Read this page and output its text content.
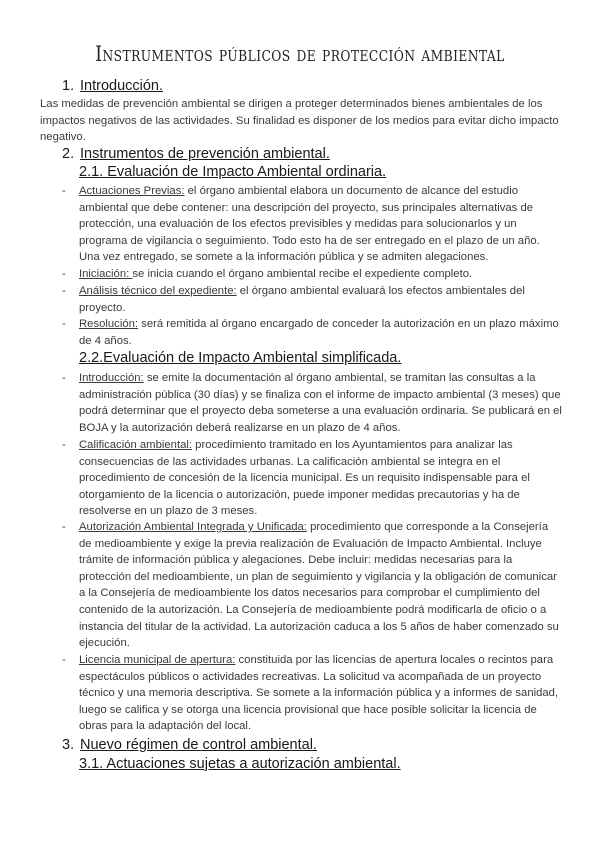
Instrumentos públicos de protección ambiental
1. Introducción.
Las medidas de prevención ambiental se dirigen a proteger determinados bienes ambientales de los impactos negativos de las actividades. Su finalidad es disponer de los medios para evitar dicho impacto negativo.
2. Instrumentos de prevención ambiental.
2.1. Evaluación de Impacto Ambiental ordinaria.
- Actuaciones Previas: el órgano ambiental elabora un documento de alcance del estudio ambiental que debe contener: una descripción del proyecto, sus principales alternativas de protección, una evaluación de los efectos previsibles y medidas para solucionarlos y un programa de vigilancia o seguimiento. Todo esto ha de ser entregado en el plazo de un año. Una vez entregado, se somete a la información pública y se admiten alegaciones.
- Iniciación: se inicia cuando el órgano ambiental recibe el expediente completo.
- Análisis técnico del expediente: el órgano ambiental evaluará los efectos ambientales del proyecto.
- Resolución: será remitida al órgano encargado de conceder la autorización en un plazo máximo de 4 años.
2.2.Evaluación de Impacto Ambiental simplificada.
- Introducción: se emite la documentación al órgano ambiental, se tramitan las consultas a la administración pública (30 días) y se finaliza con el informe de impacto ambiental (3 meses) que podrá determinar que el proyecto deba someterse a una evaluación ordinaria. Se publicará en el BOJA y la autorización deberá realizarse en un plazo de 4 años.
- Calificación ambiental: procedimiento tramitado en los Ayuntamientos para analizar las consecuencias de las actividades urbanas. La calificación ambiental se integra en el procedimiento de concesión de la licencia municipal. Es un requisito indispensable para el otorgamiento de la licencia o autorización, puede imponer medidas precautorias y ha de resolverse en un plazo de 3 meses.
- Autorización Ambiental Integrada y Unificada: procedimiento que corresponde a la Consejería de medioambiente y exige la previa realización de Evaluación de Impacto Ambiental. Incluye trámite de información pública y alegaciones. Debe incluir: medidas necesarias para la protección del medioambiente, un plan de seguimiento y vigilancia y la obligación de comunicar a la Consejería de medioambiente los datos necesarios para comprobar el cumplimiento del contenido de la autorización. La Consejería de medioambiente podrá modificarla de oficio o a instancia del titular de la actividad. La autorización caduca a los 5 años de haber comenzado su ejecución.
- Licencia municipal de apertura: constituida por las licencias de apertura locales o recintos para espectáculos públicos o actividades recreativas. La solicitud va acompañada de un proyecto técnico y una memoria descriptiva. Se somete a la información pública y a informes de sanidad, luego se califica y se otorga una licencia provisional que hace posible solicitar la licencia de obras para la adaptación del local.
3. Nuevo régimen de control ambiental.
3.1. Actuaciones sujetas a autorización ambiental.
